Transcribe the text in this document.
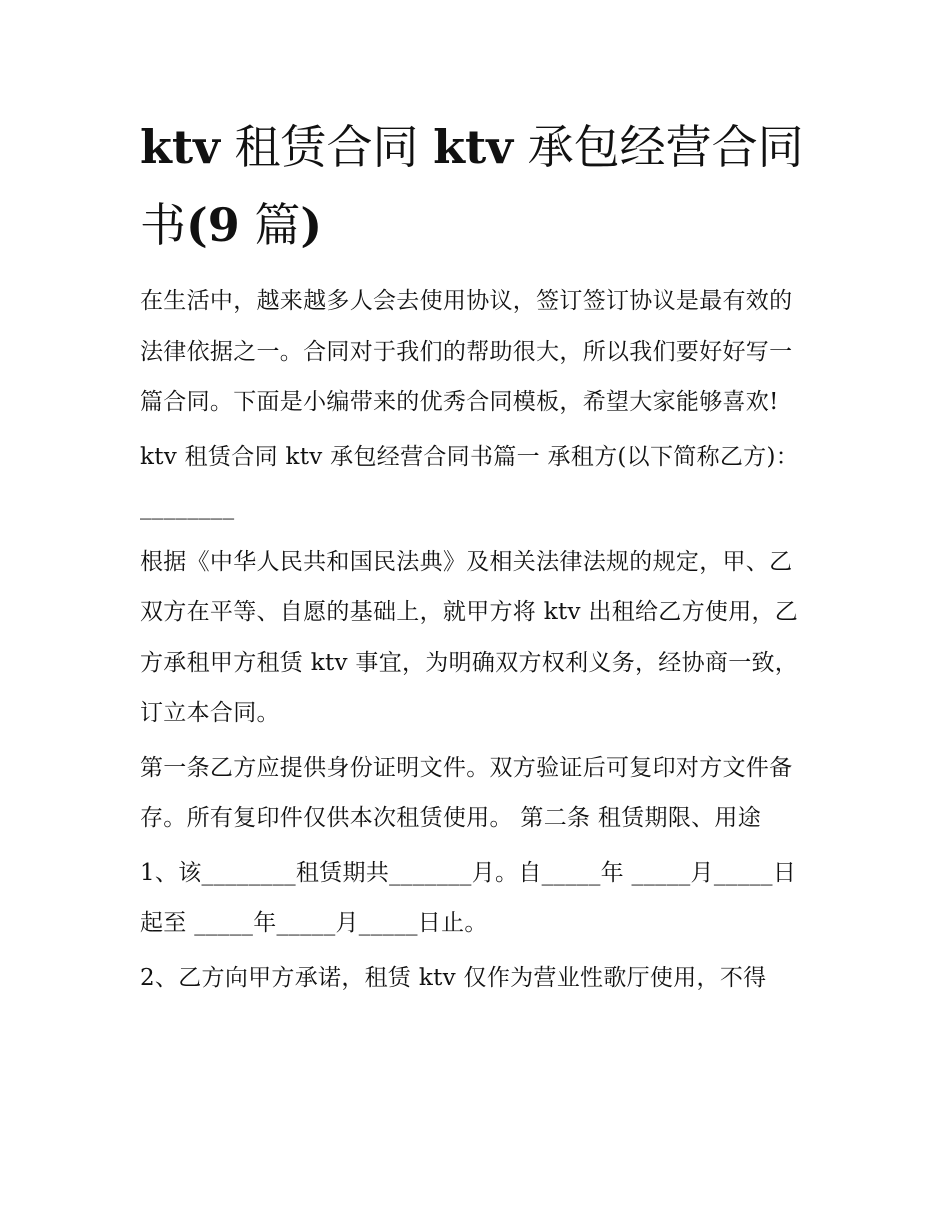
ktv 租赁合同 ktv 承包经营合同书(9 篇)

在生活中，越来越多人会去使用协议，签订签订协议是最有效的法律依据之一。合同对于我们的帮助很大，所以我们要好好写一篇合同。下面是小编带来的优秀合同模板，希望大家能够喜欢!

ktv 租赁合同 ktv 承包经营合同书篇一 承租方(以下简称乙方)：________

根据《中华人民共和国民法典》及相关法律法规的规定，甲、乙双方在平等、自愿的基础上，就甲方将 ktv 出租给乙方使用，乙方承租甲方租赁 ktv 事宜，为明确双方权利义务，经协商一致，订立本合同。

第一条乙方应提供身份证明文件。双方验证后可复印对方文件备存。所有复印件仅供本次租赁使用。 第二条 租赁期限、用途

1、该________租赁期共_______月。自_____年 _____月_____日起至 _____年_____月_____日止。

2、乙方向甲方承诺，租赁 ktv 仅作为营业性歌厅使用，不得
